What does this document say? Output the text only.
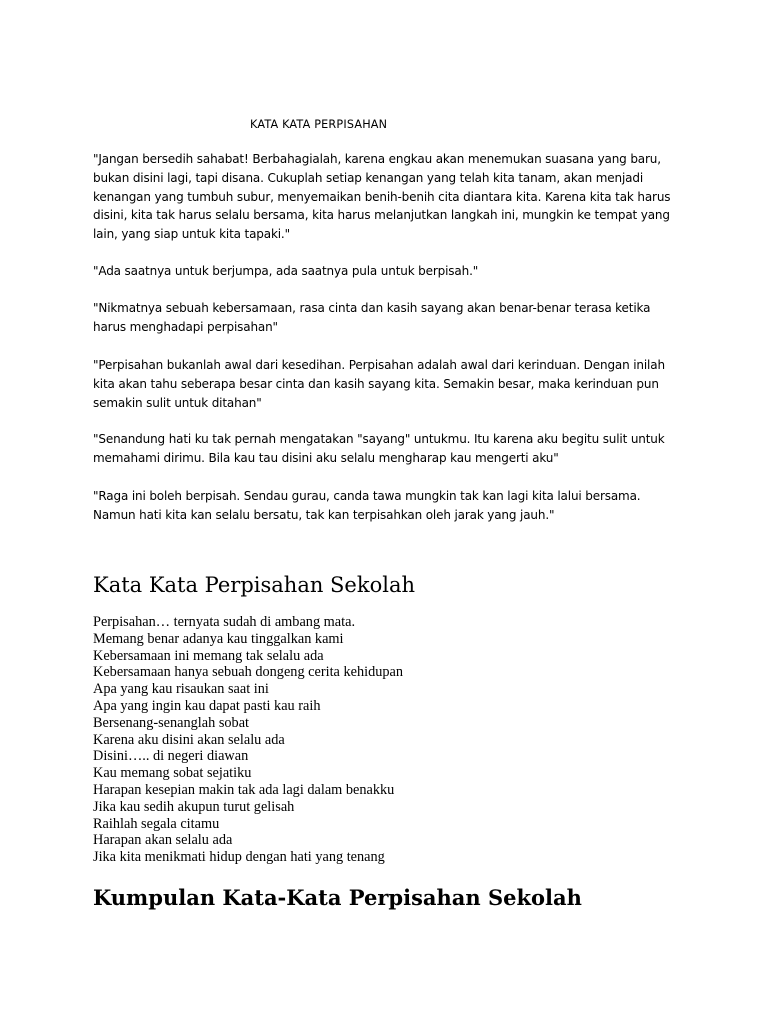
KATA KATA PERPISAHAN
"Jangan bersedih sahabat! Berbahagialah, karena engkau akan menemukan suasana yang baru, bukan disini lagi, tapi disana. Cukuplah setiap kenangan yang telah kita tanam, akan menjadi kenangan yang tumbuh subur, menyemaikan benih-benih cita diantara kita. Karena kita tak harus disini, kita tak harus selalu bersama, kita harus melanjutkan langkah ini, mungkin ke tempat yang lain, yang siap untuk kita tapaki."
"Ada saatnya untuk berjumpa, ada saatnya pula untuk berpisah."
"Nikmatnya sebuah kebersamaan, rasa cinta dan kasih sayang akan benar-benar terasa ketika harus menghadapi perpisahan"
"Perpisahan bukanlah awal dari kesedihan. Perpisahan adalah awal dari kerinduan. Dengan inilah kita akan tahu seberapa besar cinta dan kasih sayang kita. Semakin besar, maka kerinduan pun semakin sulit untuk ditahan"
"Senandung hati ku tak pernah mengatakan "sayang" untukmu. Itu karena aku begitu sulit untuk memahami dirimu. Bila kau tau disini aku selalu mengharap kau mengerti aku"
"Raga ini boleh berpisah. Sendau gurau, canda tawa mungkin tak kan lagi kita lalui bersama. Namun hati kita kan selalu bersatu, tak kan terpisahkan oleh jarak yang jauh."
Kata Kata Perpisahan Sekolah
Perpisahan… ternyata sudah di ambang mata.
Memang benar adanya kau tinggalkan kami
Kebersamaan ini memang tak selalu ada
Kebersamaan hanya sebuah dongeng cerita kehidupan
Apa yang kau risaukan saat ini
Apa yang ingin kau dapat pasti kau raih
Bersenang-senanglah sobat
Karena aku disini akan selalu ada
Disini….. di negeri diawan
Kau memang sobat sejatiku
Harapan kesepian makin tak ada lagi dalam benakku
Jika kau sedih akupun turut gelisah
Raihlah segala citamu
Harapan akan selalu ada
Jika kita menikmati hidup dengan hati yang tenang
Kumpulan Kata-Kata Perpisahan Sekolah
